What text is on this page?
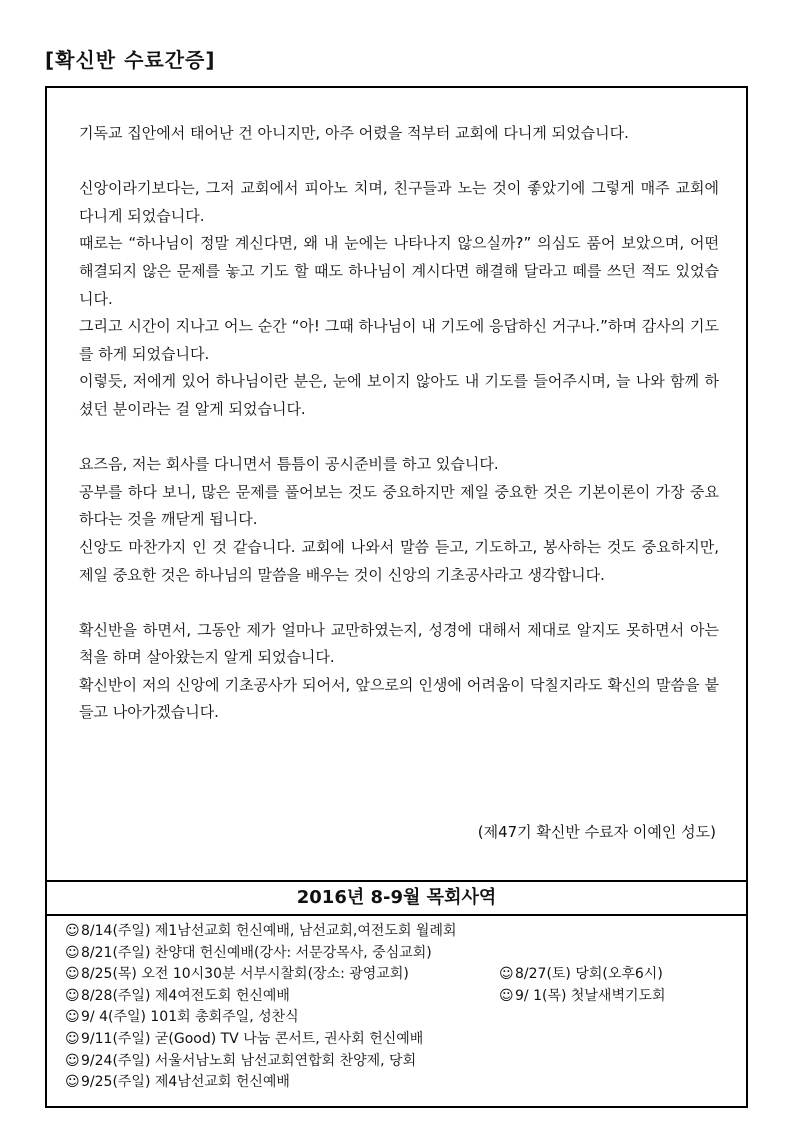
[확신반 수료간증]

기독교 집안에서 태어난 건 아니지만, 아주 어렸을 적부터 교회에 다니게 되었습니다.

신앙이라기보다는, 그저 교회에서 피아노 치며, 친구들과 노는 것이 좋았기에 그렇게 매주 교회에 다니게 되었습니다.

때로는 “하나님이 정말 계신다면, 왜 내 눈에는 나타나지 않으실까?” 의심도 품어 보았으며, 어떤 해결되지 않은 문제를 놓고 기도 할 때도 하나님이 계시다면 해결해 달라고 떼를 쓰던 적도 있었습니다.

그리고 시간이 지나고 어느 순간 “아! 그때 하나님이 내 기도에 응답하신 거구나.”하며 감사의 기도를 하게 되었습니다.

이렇듯, 저에게 있어 하나님이란 분은, 눈에 보이지 않아도 내 기도를 들어주시며, 늘 나와 함께 하셨던 분이라는 걸 알게 되었습니다.

요즈음, 저는 회사를 다니면서 틈틈이 공시준비를 하고 있습니다.

공부를 하다 보니, 많은 문제를 풀어보는 것도 중요하지만 제일 중요한 것은 기본이론이 가장 중요하다는 것을 깨닫게 됩니다.

신앙도 마찬가지 인 것 같습니다. 교회에 나와서 말씀 듣고, 기도하고, 봉사하는 것도 중요하지만, 제일 중요한 것은 하나님의 말씀을 배우는 것이 신앙의 기초공사라고 생각합니다.

확신반을 하면서, 그동안 제가 얼마나 교만하였는지, 성경에 대해서 제대로 알지도 못하면서 아는 척을 하며 살아왔는지 알게 되었습니다.

확신반이 저의 신앙에 기초공사가 되어서, 앞으로의 인생에 어려움이 닥칠지라도 확신의 말씀을 붙들고 나아가겠습니다.

(제47기 확신반 수료자 이예인 성도)
2016년 8-9월 목회사역
☺8/14(주일) 제1남선교회 헌신예배, 남선교회,여전도회 월례회
☺8/21(주일) 찬양대 헌신예배(강사: 서문강목사, 중심교회)
☺8/25(목) 오전 10시30분 서부시찰회(장소: 광영교회)	☺8/27(토) 당회(오후6시)
☺8/28(주일) 제4여전도회 헌신예배	☺9/ 1(목) 첫날새벽기도회
☺9/ 4(주일) 101회 총회주일, 성찬식
☺9/11(주일) 굳(Good) TV 나눔 콘서트, 권사회 헌신예배
☺9/24(주일) 서울서남노회 남선교회연합회 찬양제, 당회
☺9/25(주일) 제4남선교회 헌신예배
